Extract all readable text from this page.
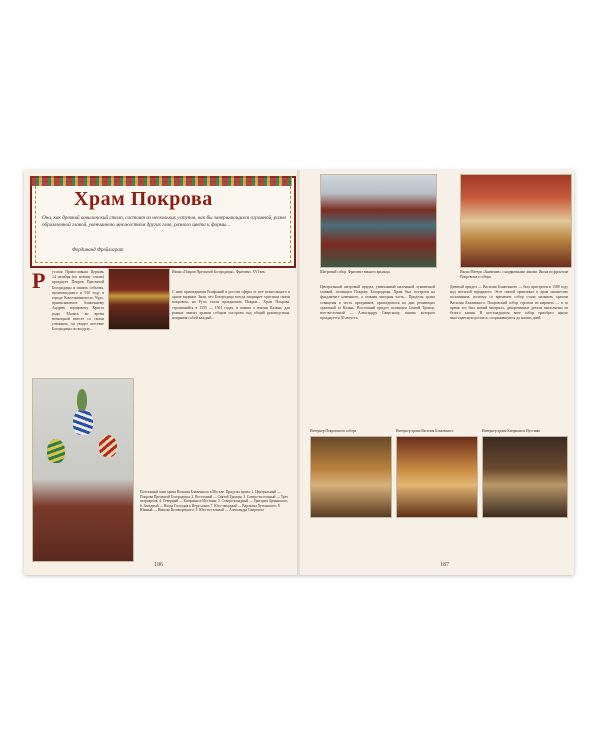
Храм Покрова
Она, как древний вавилонский столп, состоит из нескольких уступов, как бы завершающихся огромной, разно обрамленной главой, увенчанною множеством других глав, разного цвета и формы...
Фердинанд Фрейлиграт
Р усская Православная Церковь 14 октября (по новому стилю) празднует Покров Пресвятой Богородицы в память события, произошедшего в 910 году в городе Константинополе. Чудо, приписываемое блаженному Андрею, юродивому Христа ради. Молясь во время всенощной вместе со своим учеником, он увидел шествие Богородицы по воздуху...
Икона «Покров Пресвятой Богородицы». Фрагмент. XVI век.
С ним пришедшими Епифаний в ростом сферы от нее вознесенного в храме видение. Зная, что Богородица всегда защищает христиан своим покровом, на Руси стали праздновать Покров... Храм Покрова, строившийся в 1555 — 1561 годах, в память о взятии Казани, для разных святых храмов соборов построен под общий руководством, покрывая собой каждый...
Поэтажный план храма Василия Блаженного в Москве. Приделы храма: 1. Центральный — Покрова Пресвятой Богородицы; 2. Восточный — Святой Троицы; 3. Северо-восточный — Трех патриархов; 4. Северный — Киприана и Иустины; 5. Северо-западный — Григория Армянского; 6. Западный — Входа Господня в Иерусалим; 7. Юго-западный — Варлаама Хутынского; 8. Южный — Николы Великорецкого; 9. Юго-восточный — Александра Свирского
186
Шатровый собор. Фрагмент южного крыльца.	Икона Матери «Знамение» с надвратными ликами. Икона во фронтоне Покровского собора.
Центральный шатровый придел, увенчанный маленькой луковичной главкой, посвящен Покрову Богородицы. Храм был построен на фундаменте каменного, а главная западная часть... Приделы храма освящены в честь праздников, пришедшихся на дни решающих сражений за Казань. Восточный придел посвящен Святой Троице, юго-восточный — Александру Свирскому, память которого празднуется 30 августа.
Девятый придел — Василия Блаженного — был пристроен в 1588 году над могилой юродивого. Этот святой привлекал в храм множество паломников, поэтому со временем собор стали называть храмом Василия Блаженного. Покровский собор строили из кирпича — в то время это был новый материал, декоративные детали выполнены из белого камня. В шестнадцатом веке собор приобрел яркую многоцветную роспись, сохранившуюся до наших дней.
Интерьер Покровского собора	Интерьер храма Василия Блаженного	Интерьер храма Киприана и Иустины
187
